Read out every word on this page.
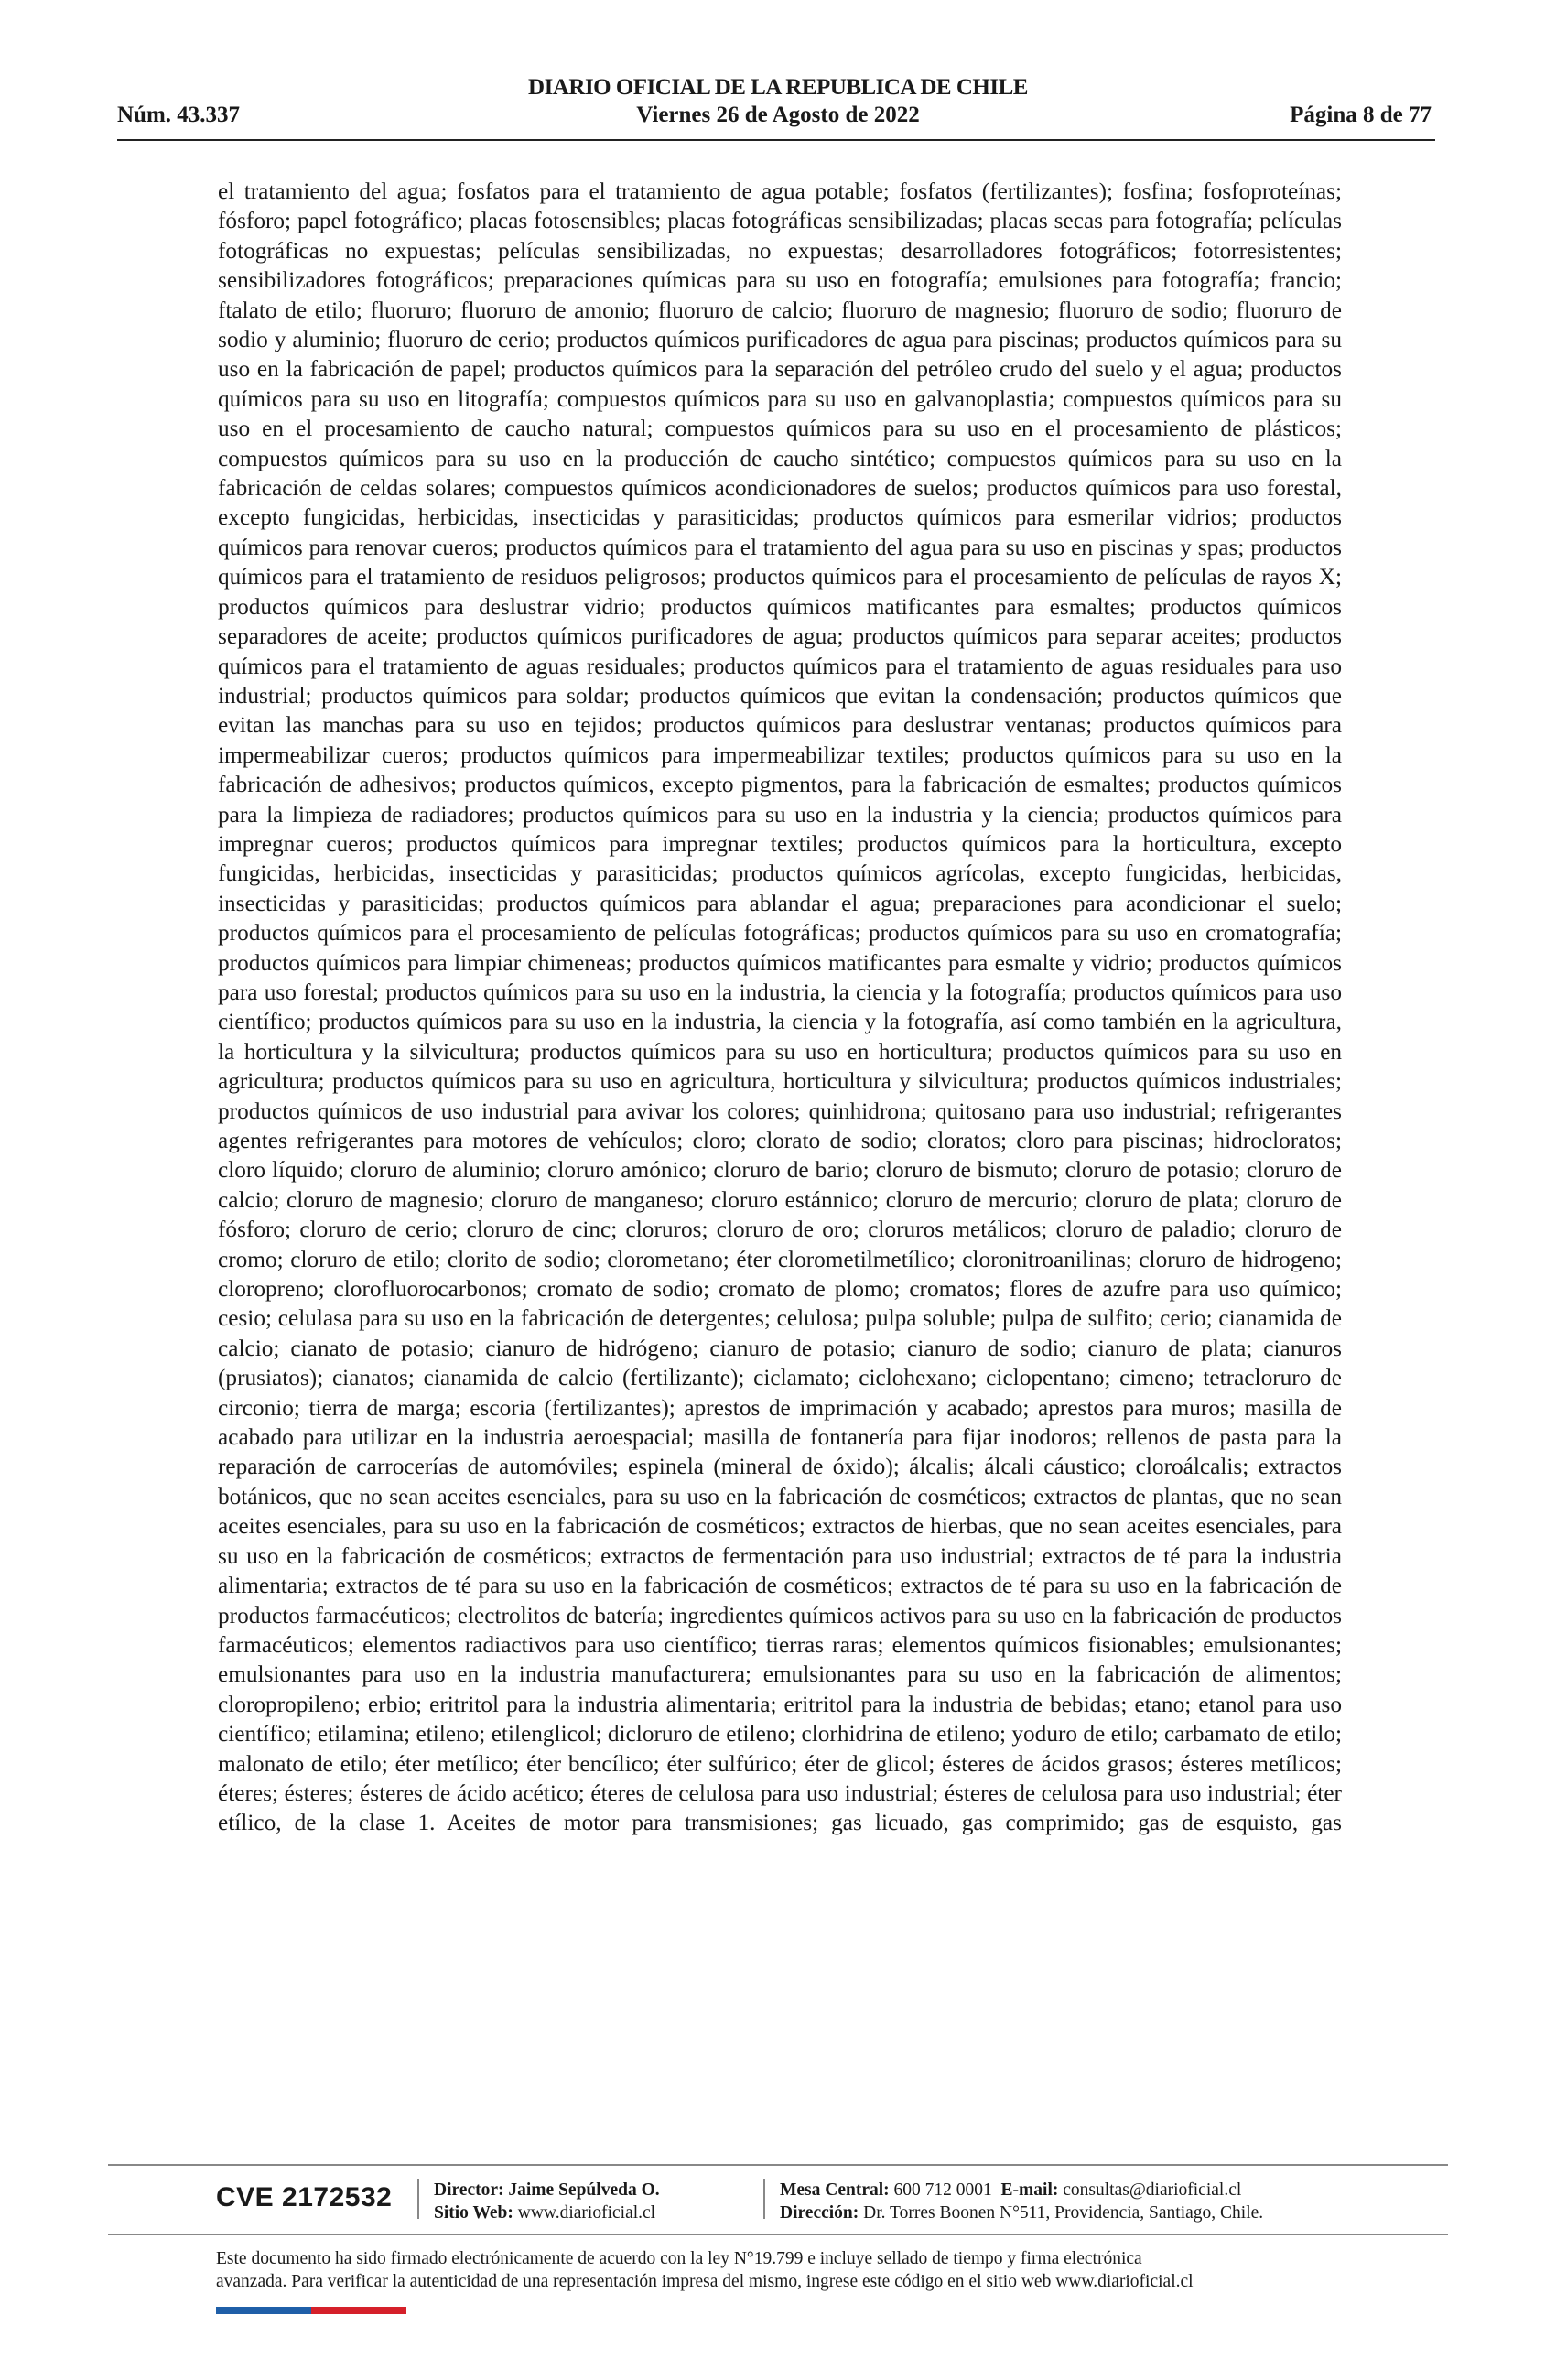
DIARIO OFICIAL DE LA REPUBLICA DE CHILE
Núm. 43.337	Viernes 26 de Agosto de 2022	Página 8 de 77
el tratamiento del agua; fosfatos para el tratamiento de agua potable; fosfatos (fertilizantes); fosfina; fosfoproteínas; fósforo; papel fotográfico; placas fotosensibles; placas fotográficas sensibilizadas; placas secas para fotografía; películas fotográficas no expuestas; películas sensibilizadas, no expuestas; desarrolladores fotográficos; fotorresistentes; sensibilizadores fotográficos; preparaciones químicas para su uso en fotografía; emulsiones para fotografía; francio; ftalato de etilo; fluoruro; fluoruro de amonio; fluoruro de calcio; fluoruro de magnesio; fluoruro de sodio; fluoruro de sodio y aluminio; fluoruro de cerio; productos químicos purificadores de agua para piscinas; productos químicos para su uso en la fabricación de papel; productos químicos para la separación del petróleo crudo del suelo y el agua; productos químicos para su uso en litografía; compuestos químicos para su uso en galvanoplastia; compuestos químicos para su uso en el procesamiento de caucho natural; compuestos químicos para su uso en el procesamiento de plásticos; compuestos químicos para su uso en la producción de caucho sintético; compuestos químicos para su uso en la fabricación de celdas solares; compuestos químicos acondicionadores de suelos; productos químicos para uso forestal, excepto fungicidas, herbicidas, insecticidas y parasiticidas; productos químicos para esmerilar vidrios; productos químicos para renovar cueros; productos químicos para el tratamiento del agua para su uso en piscinas y spas; productos químicos para el tratamiento de residuos peligrosos; productos químicos para el procesamiento de películas de rayos X; productos químicos para deslustrar vidrio; productos químicos matificantes para esmaltes; productos químicos separadores de aceite; productos químicos purificadores de agua; productos químicos para separar aceites; productos químicos para el tratamiento de aguas residuales; productos químicos para el tratamiento de aguas residuales para uso industrial; productos químicos para soldar; productos químicos que evitan la condensación; productos químicos que evitan las manchas para su uso en tejidos; productos químicos para deslustrar ventanas; productos químicos para impermeabilizar cueros; productos químicos para impermeabilizar textiles; productos químicos para su uso en la fabricación de adhesivos; productos químicos, excepto pigmentos, para la fabricación de esmaltes; productos químicos para la limpieza de radiadores; productos químicos para su uso en la industria y la ciencia; productos químicos para impregnar cueros; productos químicos para impregnar textiles; productos químicos para la horticultura, excepto fungicidas, herbicidas, insecticidas y parasiticidas; productos químicos agrícolas, excepto fungicidas, herbicidas, insecticidas y parasiticidas; productos químicos para ablandar el agua; preparaciones para acondicionar el suelo; productos químicos para el procesamiento de películas fotográficas; productos químicos para su uso en cromatografía; productos químicos para limpiar chimeneas; productos químicos matificantes para esmalte y vidrio; productos químicos para uso forestal; productos químicos para su uso en la industria, la ciencia y la fotografía; productos químicos para uso científico; productos químicos para su uso en la industria, la ciencia y la fotografía, así como también en la agricultura, la horticultura y la silvicultura; productos químicos para su uso en horticultura; productos químicos para su uso en agricultura; productos químicos para su uso en agricultura, horticultura y silvicultura; productos químicos industriales; productos químicos de uso industrial para avivar los colores; quinhidrona; quitosano para uso industrial; refrigerantes agentes refrigerantes para motores de vehículos; cloro; clorato de sodio; cloratos; cloro para piscinas; hidrocloratos; cloro líquido; cloruro de aluminio; cloruro amónico; cloruro de bario; cloruro de bismuto; cloruro de potasio; cloruro de calcio; cloruro de magnesio; cloruro de manganeso; cloruro estánnico; cloruro de mercurio; cloruro de plata; cloruro de fósforo; cloruro de cerio; cloruro de cinc; cloruros; cloruro de oro; cloruros metálicos; cloruro de paladio; cloruro de cromo; cloruro de etilo; clorito de sodio; clorometano; éter clorometilmetílico; cloronitroanilinas; cloruro de hidrogeno; cloropreno; clorofluorocarbonos; cromato de sodio; cromato de plomo; cromatos; flores de azufre para uso químico; cesio; celulasa para su uso en la fabricación de detergentes; celulosa; pulpa soluble; pulpa de sulfito; cerio; cianamida de calcio; cianato de potasio; cianuro de hidrógeno; cianuro de potasio; cianuro de sodio; cianuro de plata; cianuros (prusiatos); cianatos; cianamida de calcio (fertilizante); ciclamato; ciclohexano; ciclopentano; cimeno; tetracloruro de circonio; tierra de marga; escoria (fertilizantes); aprestos de imprimación y acabado; aprestos para muros; masilla de acabado para utilizar en la industria aeroespacial; masilla de fontanería para fijar inodoros; rellenos de pasta para la reparación de carrocerías de automóviles; espinela (mineral de óxido); álcalis; álcali cáustico; cloroálcalis; extractos botánicos, que no sean aceites esenciales, para su uso en la fabricación de cosméticos; extractos de plantas, que no sean aceites esenciales, para su uso en la fabricación de cosméticos; extractos de hierbas, que no sean aceites esenciales, para su uso en la fabricación de cosméticos; extractos de fermentación para uso industrial; extractos de té para la industria alimentaria; extractos de té para su uso en la fabricación de cosméticos; extractos de té para su uso en la fabricación de productos farmacéuticos; electrolitos de batería; ingredientes químicos activos para su uso en la fabricación de productos farmacéuticos; elementos radiactivos para uso científico; tierras raras; elementos químicos fisionables; emulsionantes; emulsionantes para uso en la industria manufacturera; emulsionantes para su uso en la fabricación de alimentos; cloropropileno; erbio; eritritol para la industria alimentaria; eritritol para la industria de bebidas; etano; etanol para uso científico; etilamina; etileno; etilenglicol; dicloruro de etileno; clorhidrina de etileno; yoduro de etilo; carbamato de etilo; malonato de etilo; éter metílico; éter bencílico; éter sulfúrico; éter de glicol; ésteres de ácidos grasos; ésteres metílicos; éteres; ésteres; ésteres de ácido acético; éteres de celulosa para uso industrial; ésteres de celulosa para uso industrial; éter etílico, de la clase 1. Aceites de motor para transmisiones; gas licuado, gas comprimido; gas de esquisto, gas
CVE 2172532 Director: Jaime Sepúlveda O.
Sitio Web: www.diarioficial.cl
Mesa Central: 600 712 0001 E-mail: consultas@diarioficial.cl
Dirección: Dr. Torres Boonen N°511, Providencia, Santiago, Chile.
Este documento ha sido firmado electrónicamente de acuerdo con la ley N°19.799 e incluye sellado de tiempo y firma electrónica
avanzada. Para verificar la autenticidad de una representación impresa del mismo, ingrese este código en el sitio web www.diarioficial.cl
